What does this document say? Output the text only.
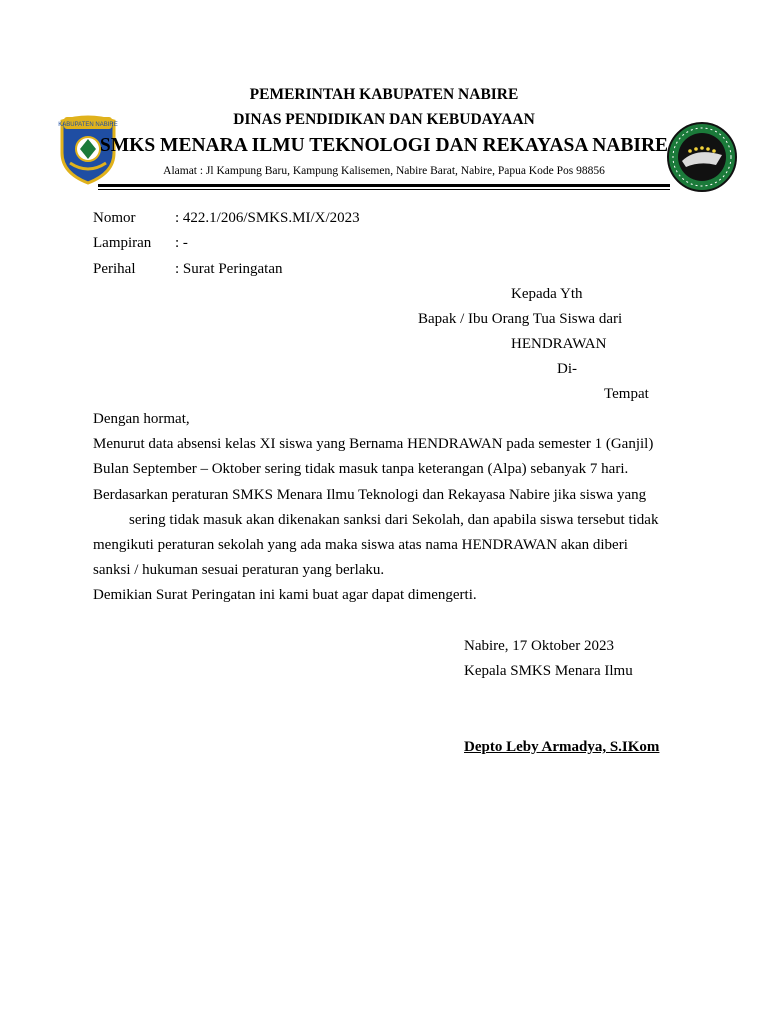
KABUPATEN NABIRE
PEMERINTAH KABUPATEN NABIRE
DINAS PENDIDIKAN DAN KEBUDAYAAN
SMKS MENARA ILMU TEKNOLOGI DAN REKAYASA NABIRE
Alamat : Jl Kampung Baru, Kampung Kalisemen, Nabire Barat, Nabire, Papua Kode Pos 98856
Nomor	: 422.1/206/SMKS.MI/X/2023
Lampiran : -
Perihal	: Surat Peringatan
Kepada Yth
Bapak / Ibu Orang Tua Siswa dari
HENDRAWAN
Di-
Tempat

Dengan hormat,

Menurut data absensi kelas XI siswa yang Bernama HENDRAWAN pada semester 1 (Ganjil)

Bulan September – Oktober sering tidak masuk tanpa keterangan (Alpa) sebanyak 7 hari.

Berdasarkan peraturan SMKS Menara Ilmu Teknologi dan Rekayasa Nabire jika siswa yang

sering tidak masuk akan dikenakan sanksi dari Sekolah, dan apabila siswa tersebut tidak

mengikuti peraturan sekolah yang ada maka siswa atas nama HENDRAWAN akan diberi

sanksi / hukuman sesuai peraturan yang berlaku.

Demikian Surat Peringatan ini kami buat agar dapat dimengerti.

Nabire, 17 Oktober 2023
Kepala SMKS Menara Ilmu
Depto Leby Armadya, S.IKom
